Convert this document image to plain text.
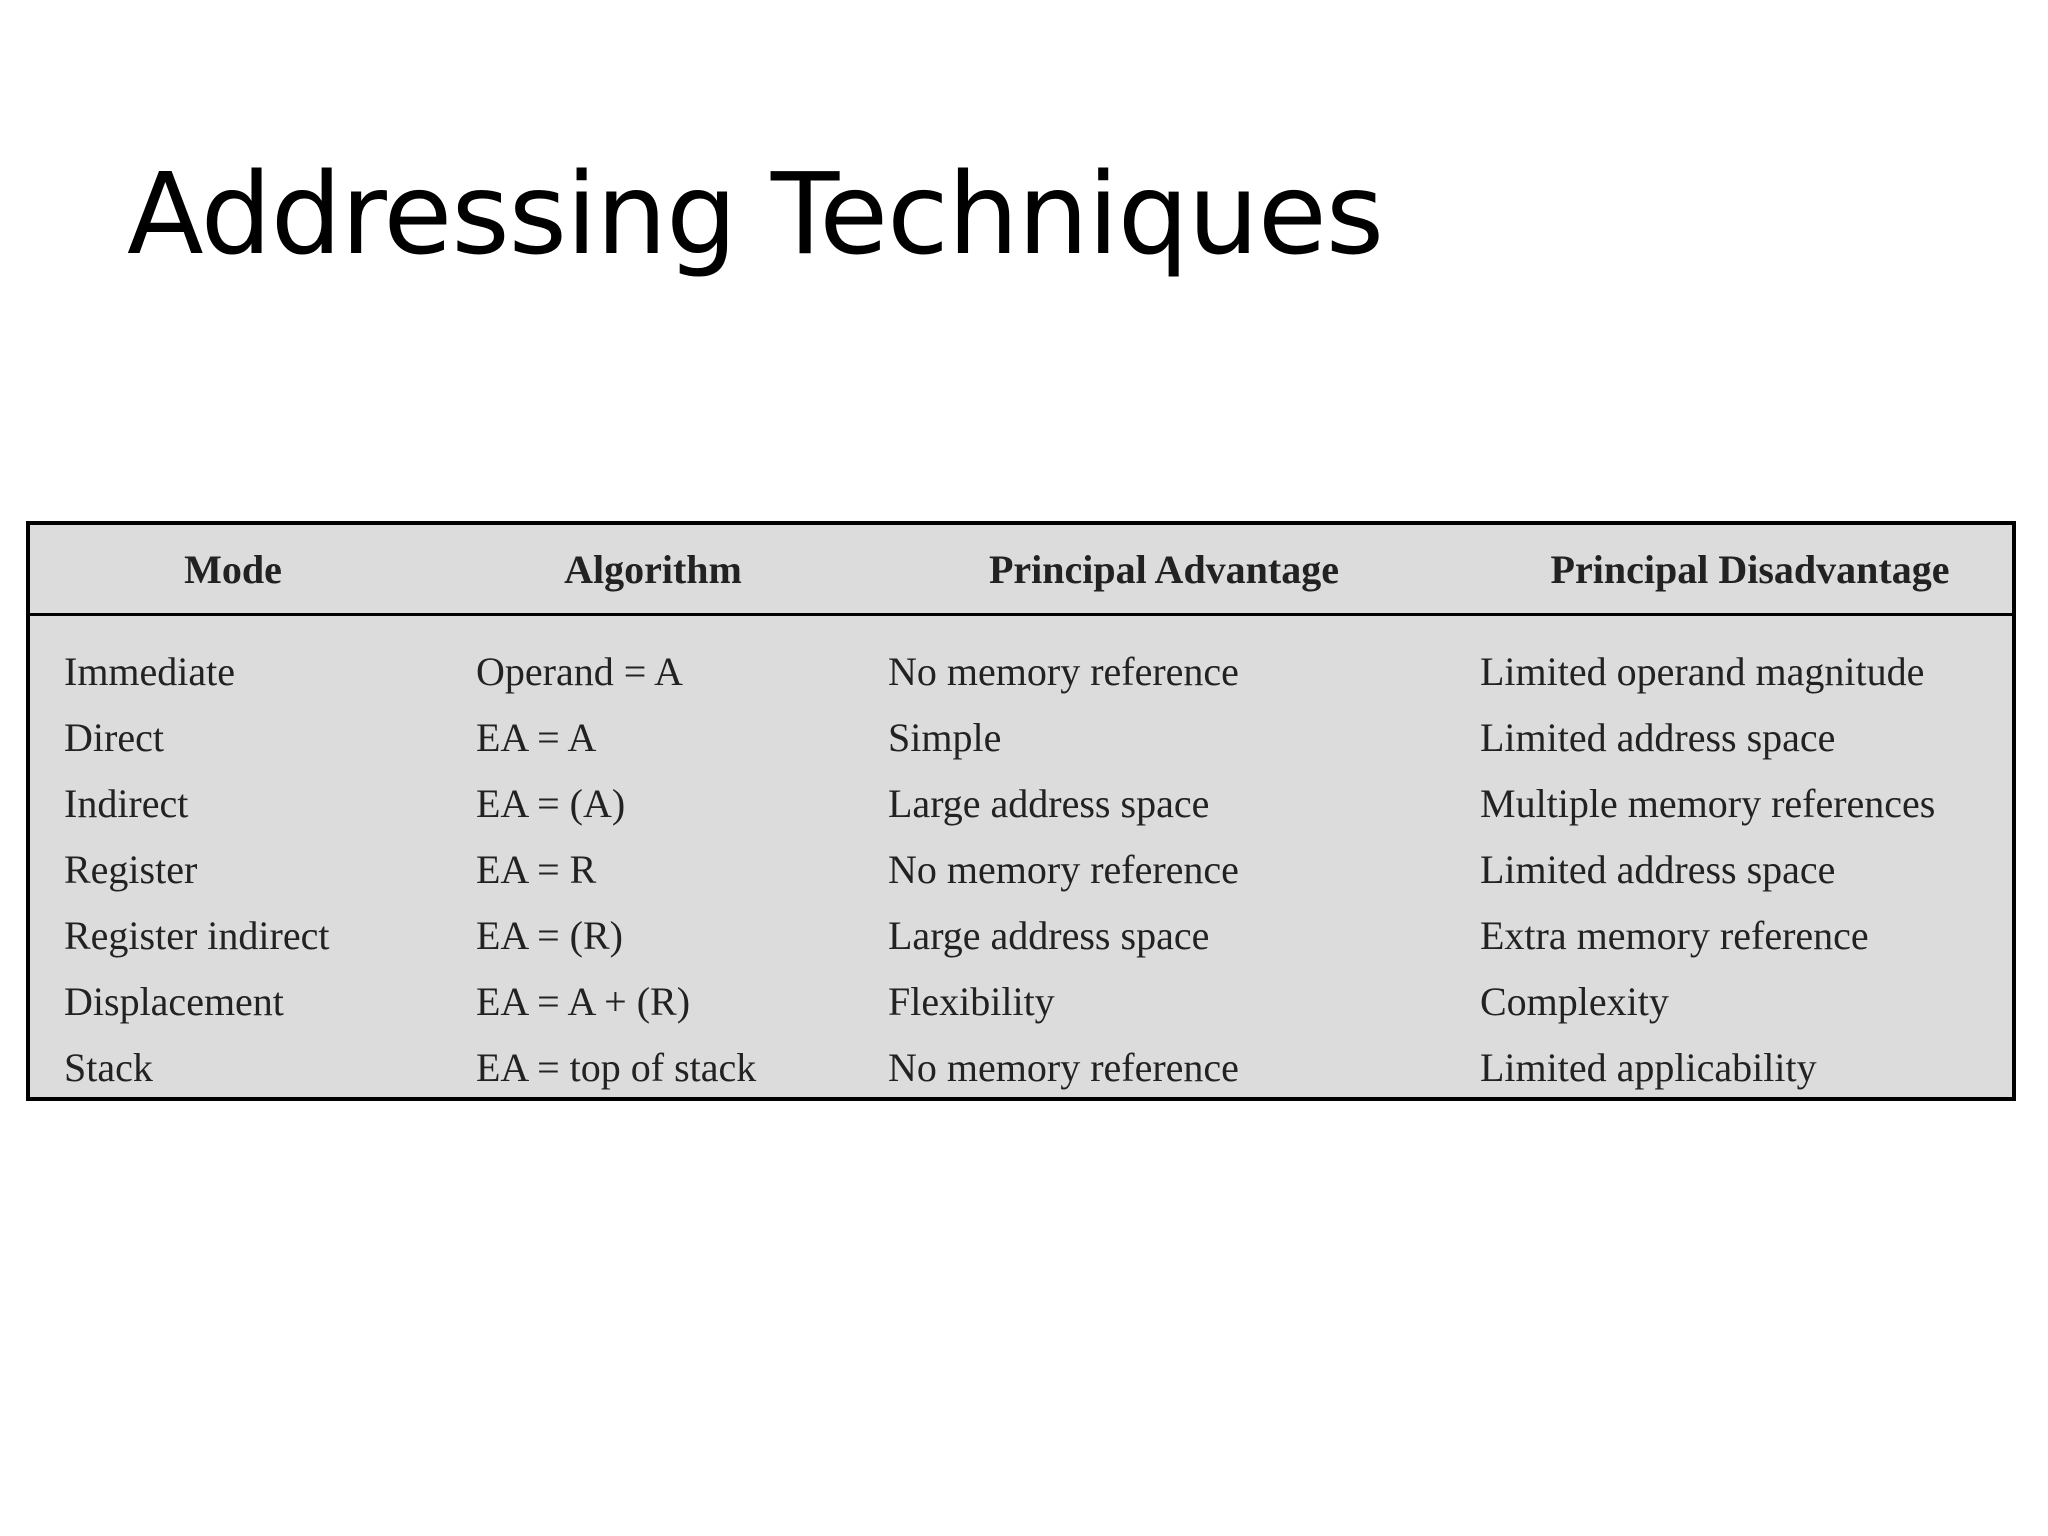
Addressing Techniques
Mode	Algorithm	Principal Advantage	Principal Disadvantage
Immediate	Operand = A	No memory reference	Limited operand magnitude
Direct	EA = A	Simple	Limited address space
Indirect	EA = (A)	Large address space	Multiple memory references
Register	EA = R	No memory reference	Limited address space
Register indirect	EA = (R)	Large address space	Extra memory reference
Displacement	EA = A + (R)	Flexibility	Complexity
Stack	EA = top of stack	No memory reference	Limited applicability
